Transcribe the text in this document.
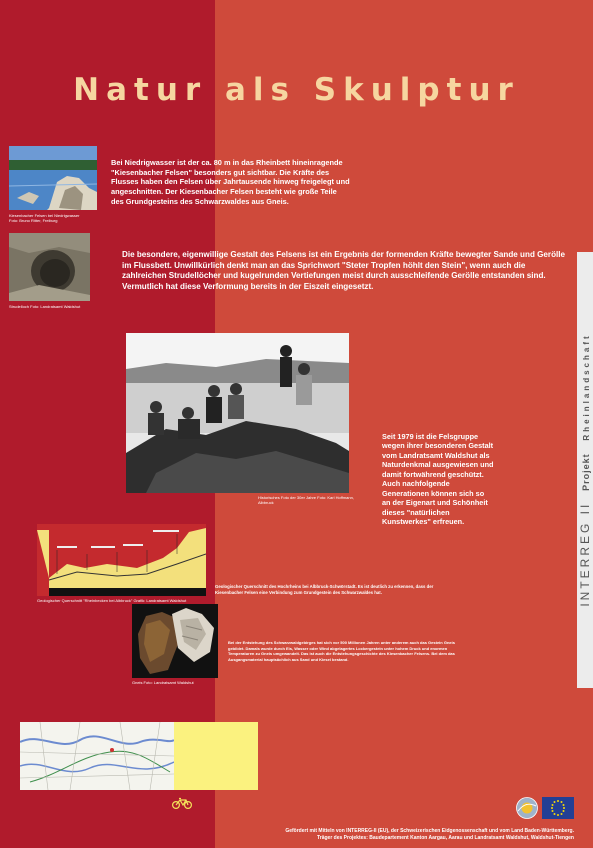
Natur als Skulptur
Kiesenbacher Felsen bei Niedrigwasser
Foto: Bruno Ritter, Freiburg
Bei Niedrigwasser ist der ca. 80 m in das Rheinbett hineinragende "Kiesenbacher Felsen" besonders gut sichtbar. Die Kräfte des Flusses haben den Felsen über Jahrtausende hinweg freigelegt und angeschnitten. Der Kiesenbacher Felsen besteht wie große Teile des Grundgesteins des Schwarzwaldes aus Gneis.
Strudelloch Foto: Landratsamt Waldshut
Die besondere, eigenwillige Gestalt des Felsens ist ein Ergebnis der formenden Kräfte bewegter Sande und Gerölle im Flussbett. Unwillkürlich denkt man an das Sprichwort "Steter Tropfen höhlt den Stein", wenn auch die zahlreichen Strudellöcher und kugelrunden Vertiefungen meist durch ausschleifende Gerölle entstanden sind. Vermutlich hat diese Verformung bereits in der Eiszeit eingesetzt.
Historisches Foto der 30er Jahre Foto: Karl Hoffmann, Albbruck
Seit 1979 ist die Felsgruppe wegen ihrer besonderen Gestalt vom Landratsamt Waldshut als Naturdenkmal ausgewiesen und damit fortwährend geschützt. Auch nachfolgende Generationen können sich so an der Eigenart und Schönheit dieses "natürlichen Kunstwerkes" erfreuen.
Geologischer Querschnitt "Rheinbecken bei Albbruck" Grafik: Landratsamt Waldshut
Geologischer Querschnitt des Hochrheins bei Albbruck-Schwörstadt. Es ist deutlich zu erkennen, dass der Kiesenbacher Felsen eine Verbindung zum Grundgestein des Schwarzwaldes hat.
Gneis Foto: Landratsamt Waldshut
Bei der Entstehung des Schwarzwaldgebirges hat sich vor 500 Millionen Jahren unter anderem auch das Gestein Gneis gebildet. Damals wurde durch Eis, Wasser oder Wind abgelagertes Lockergestein unter hohem Druck und enormen Temperaturen zu Gneis umgewandelt. Das ist auch die Entstehungsgeschichte des Kiesenbacher Felsens. Bei dem das Ausgangsmaterial hauptsächlich aus Sand und Kiesel bestand.
INTERREG II Projekt Rheinlandschaft
Gefördert mit Mitteln von INTERREG-II (EU), der Schweizerischen Eidgenossenschaft und vom Land Baden-Württemberg.
Träger des Projektes: Baudepartement Kanton Aargau, Aarau und Landratsamt Waldshut, Waldshut-Tiengen
